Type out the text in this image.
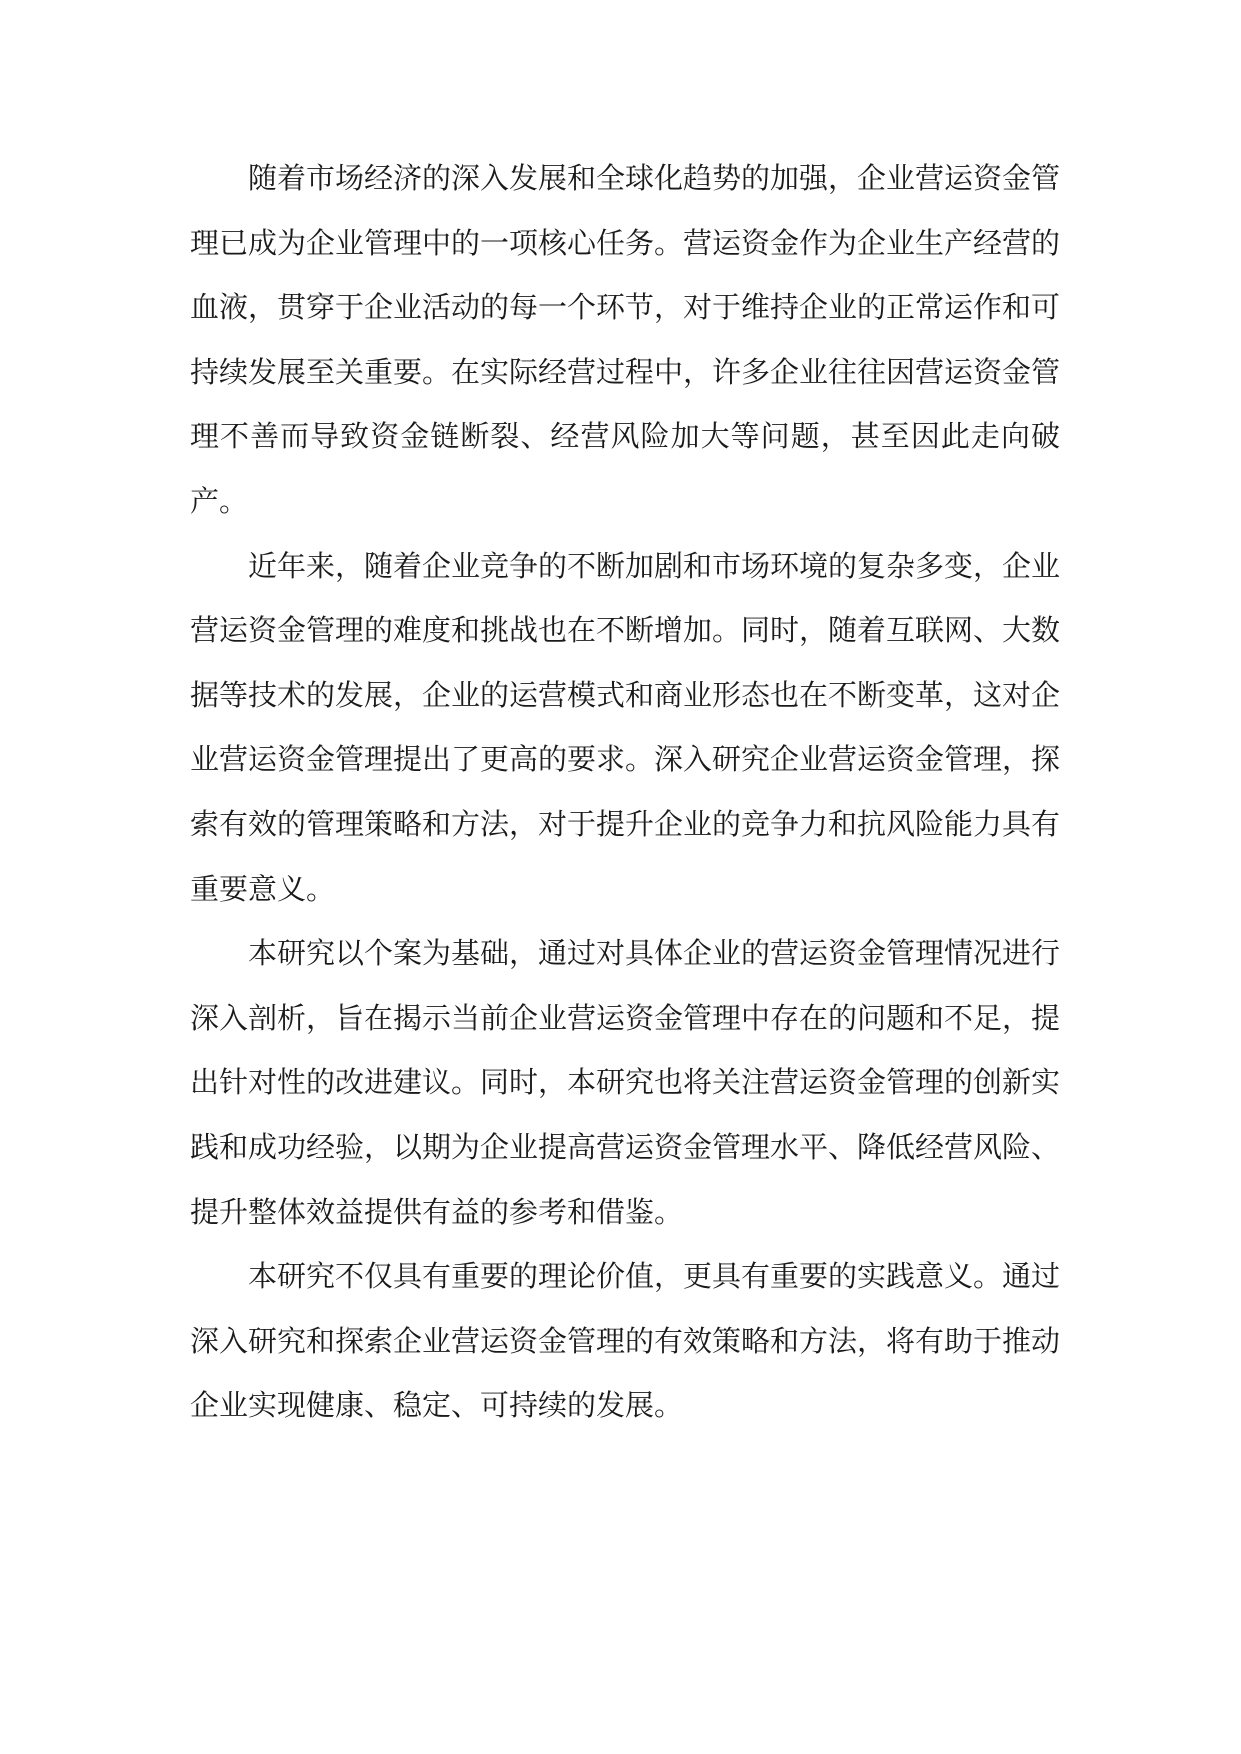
随着市场经济的深入发展和全球化趋势的加强，企业营运资金管理已成为企业管理中的一项核心任务。营运资金作为企业生产经营的血液，贯穿于企业活动的每一个环节，对于维持企业的正常运作和可持续发展至关重要。在实际经营过程中，许多企业往往因营运资金管理不善而导致资金链断裂、经营风险加大等问题，甚至因此走向破产。

近年来，随着企业竞争的不断加剧和市场环境的复杂多变，企业营运资金管理的难度和挑战也在不断增加。同时，随着互联网、大数据等技术的发展，企业的运营模式和商业形态也在不断变革，这对企业营运资金管理提出了更高的要求。深入研究企业营运资金管理，探索有效的管理策略和方法，对于提升企业的竞争力和抗风险能力具有重要意义。

本研究以个案为基础，通过对具体企业的营运资金管理情况进行深入剖析，旨在揭示当前企业营运资金管理中存在的问题和不足，提出针对性的改进建议。同时，本研究也将关注营运资金管理的创新实践和成功经验，以期为企业提高营运资金管理水平、降低经营风险、提升整体效益提供有益的参考和借鉴。

本研究不仅具有重要的理论价值，更具有重要的实践意义。通过深入研究和探索企业营运资金管理的有效策略和方法，将有助于推动企业实现健康、稳定、可持续的发展。
